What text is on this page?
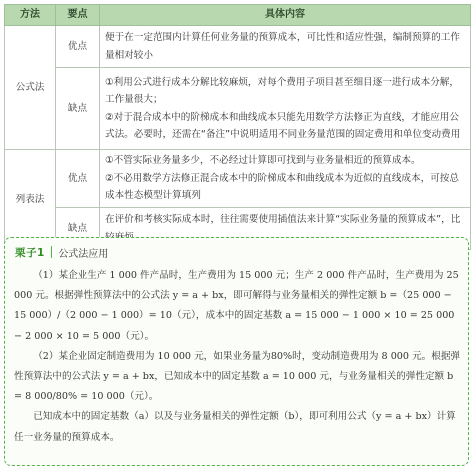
方法	要点	具体内容
公式法	优点	便于在一定范围内计算任何业务量的预算成本，可比性和适应性强，编制预算的工作量相对较小
	缺点	①利用公式进行成本分解比较麻烦，对每个费用子项目甚至细目逐一进行成本分解，工作量很大；
②对于混合成本中的阶梯成本和曲线成本只能先用数学方法修正为直线，才能应用公式法。必要时，还需在“备注”中说明适用不同业务量范围的固定费用和单位变动费用

列表法	优点	①不管实际业务量多少，不必经过计算即可找到与业务量相近的预算成本。
②不必用数学方法修正混合成本中的阶梯成本和曲线成本为近似的直线成本，可按总成本性态模型计算填列

	缺点	在评价和考核实际成本时，往往需要使用插值法来计算“实际业务量的预算成本”，比
栗子1 公式法应用

（1）某企业生产 1 000 件产品时，生产费用为 15 000 元；生产 2 000 件产品时，生产费用为 25 000 元。根据弹性预算法中的公式法 y = a + bx，即可解得与业务量相关的弹性定额 b =（25 000 − 15 000）/（2 000 − 1 000）= 10（元），成本中的固定基数 a = 15 000 − 1 000 × 10 = 25 000 − 2 000 × 10 = 5 000（元）。

（2）某企业固定制造费用为 10 000 元，如果业务量为80%时，变动制造费用为 8 000 元。根据弹性预算法中的公式法 y = a + bx，已知成本中的固定基数 a = 10 000 元，与业务量相关的弹性定额 b = 8 000/80% = 10 000（元）。

已知成本中的固定基数（a）以及与业务量相关的弹性定额（b），即可利用公式（y = a + bx）计算任一业务量的预算成本。
